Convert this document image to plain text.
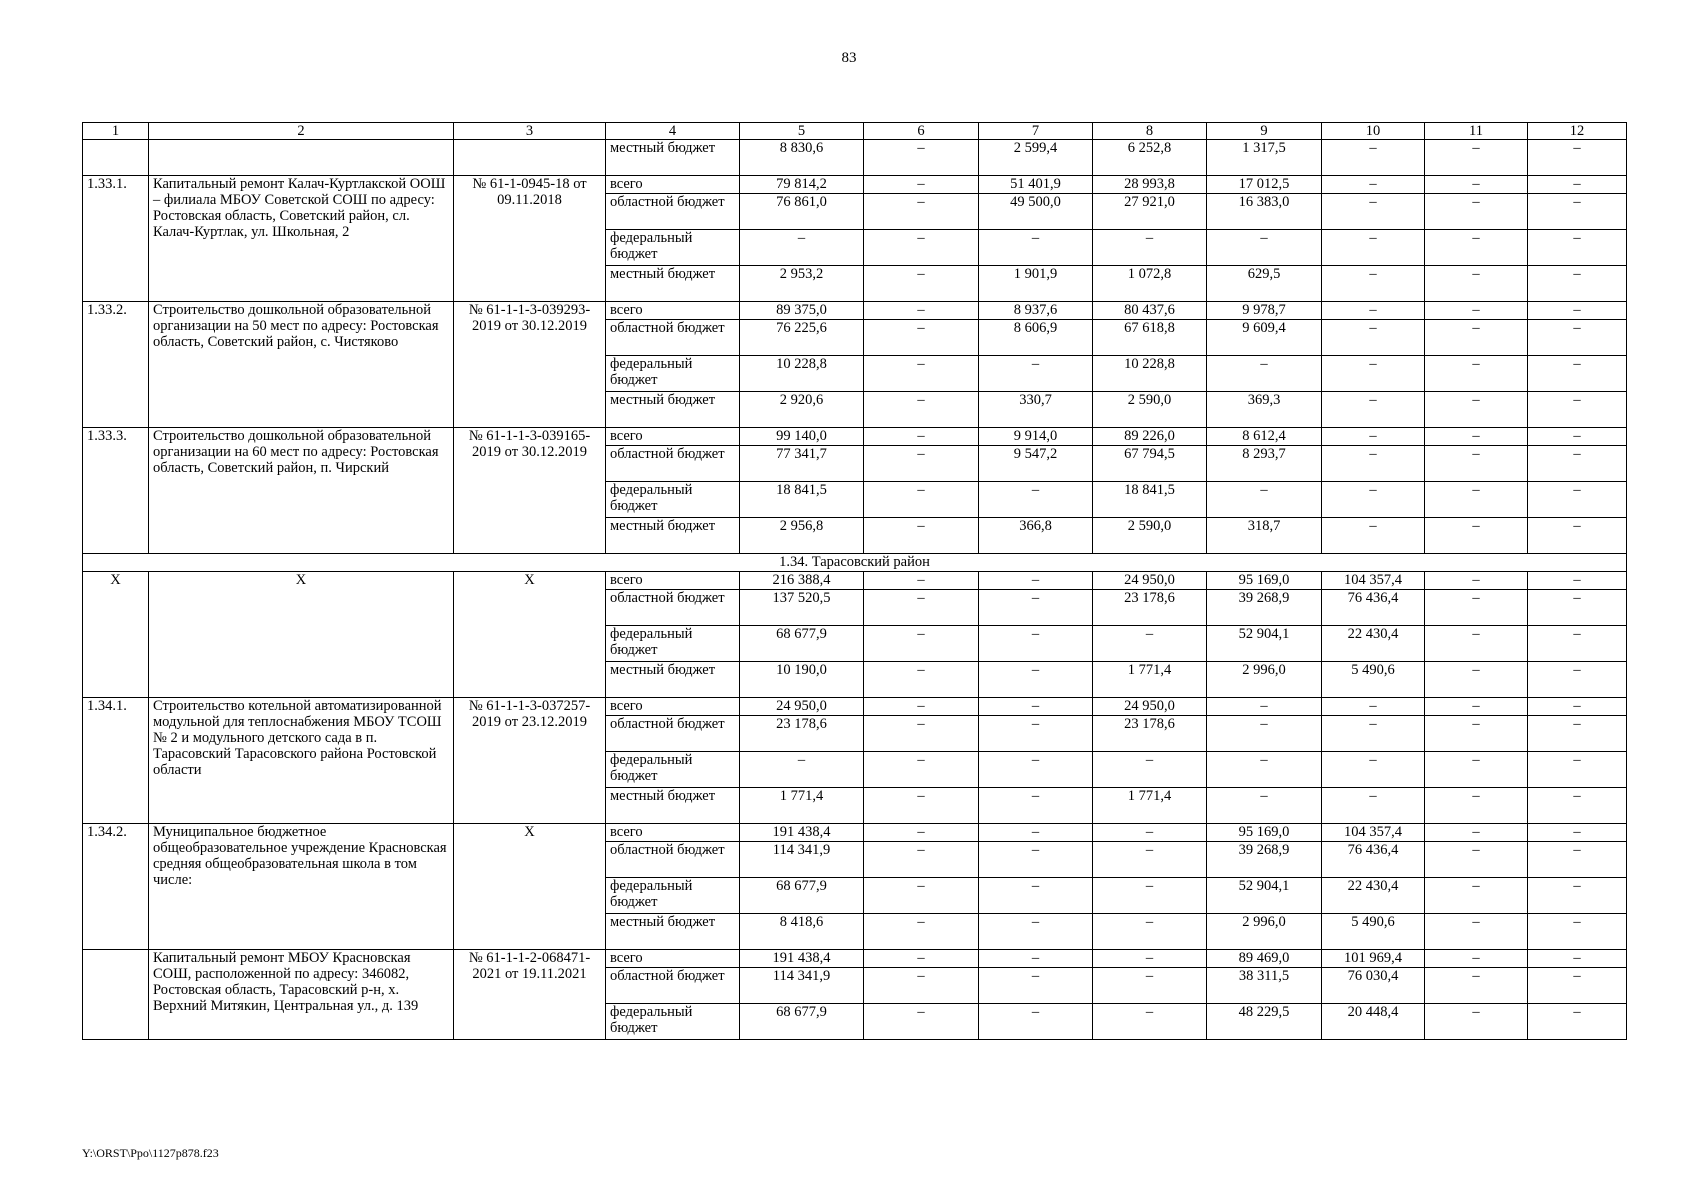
83
1	2	3	4	5	6	7	8	9	10	11	12
			местный бюджет	8 830,6	–	2 599,4	6 252,8	1 317,5	–	–	–
1.33.1.	Капитальный ремонт Калач-Куртлакской ООШ – филиала МБОУ Советской СОШ по адресу: Ростовская область, Советский район, сл. Калач-Куртлак, ул. Школьная, 2	№ 61-1-0945-18 от 09.11.2018	всего	79 814,2	–	51 401,9	28 993,8	17 012,5	–	–	–
			областной бюджет	76 861,0	–	49 500,0	27 921,0	16 383,0	–	–	–
			федеральный бюджет	–	–	–	–	–	–	–	–
			местный бюджет	2 953,2	–	1 901,9	1 072,8	629,5	–	–	–
1.33.2.	Строительство дошкольной образовательной организации на 50 мест по адресу: Ростовская область, Советский район, с. Чистяково	№ 61-1-1-3-039293-2019 от 30.12.2019	всего	89 375,0	–	8 937,6	80 437,6	9 978,7	–	–	–
			областной бюджет	76 225,6	–	8 606,9	67 618,8	9 609,4	–	–	–
			федеральный бюджет	10 228,8	–	–	10 228,8	–	–	–	–
			местный бюджет	2 920,6	–	330,7	2 590,0	369,3	–	–	–
1.33.3.	Строительство дошкольной образовательной организации на 60 мест по адресу: Ростовская область, Советский район, п. Чирский	№ 61-1-1-3-039165-2019 от 30.12.2019	всего	99 140,0	–	9 914,0	89 226,0	8 612,4	–	–	–
			областной бюджет	77 341,7	–	9 547,2	67 794,5	8 293,7	–	–	–
			федеральный бюджет	18 841,5	–	–	18 841,5	–	–	–	–
			местный бюджет	2 956,8	–	366,8	2 590,0	318,7	–	–	–
1.34. Тарасовский район											
X	X	X	всего	216 388,4	–	–	24 950,0	95 169,0	104 357,4	–	–
			областной бюджет	137 520,5	–	–	23 178,6	39 268,9	76 436,4	–	–
			федеральный бюджет	68 677,9	–	–	–	52 904,1	22 430,4	–	–
			местный бюджет	10 190,0	–	–	1 771,4	2 996,0	5 490,6	–	–
1.34.1.	Строительство котельной автоматизированной модульной для теплоснабжения МБОУ ТСОШ № 2 и модульного детского сада в п. Тарасовский Тарасовского района Ростовской области	№ 61-1-1-3-037257-2019 от 23.12.2019	всего	24 950,0	–	–	24 950,0	–	–	–	–
			областной бюджет	23 178,6	–	–	23 178,6	–	–	–	–
			федеральный бюджет	–	–	–	–	–	–	–	–
			местный бюджет	1 771,4	–	–	1 771,4	–	–	–	–
1.34.2.	Муниципальное бюджетное общеобразовательное учреждение Красновская средняя общеобразовательная школа в том числе:	X	всего	191 438,4	–	–	–	95 169,0	104 357,4	–	–
			областной бюджет	114 341,9	–	–	–	39 268,9	76 436,4	–	–
			федеральный бюджет	68 677,9	–	–	–	52 904,1	22 430,4	–	–
			местный бюджет	8 418,6	–	–	–	2 996,0	5 490,6	–	–
	Капитальный ремонт МБОУ Красновская СОШ, расположенной по адресу: 346082, Ростовская область, Тарасовский р-н, х. Верхний Митякин, Центральная ул., д. 139	№ 61-1-1-2-068471-2021 от 19.11.2021	всего	191 438,4	–	–	–	89 469,0	101 969,4	–	–
			областной бюджет	114 341,9	–	–	–	38 311,5	76 030,4	–	–
			федеральный бюджет	68 677,9	–	–	–	48 229,5	20 448,4	–	–
Y:\ORST\Ppo\1127p878.f23
